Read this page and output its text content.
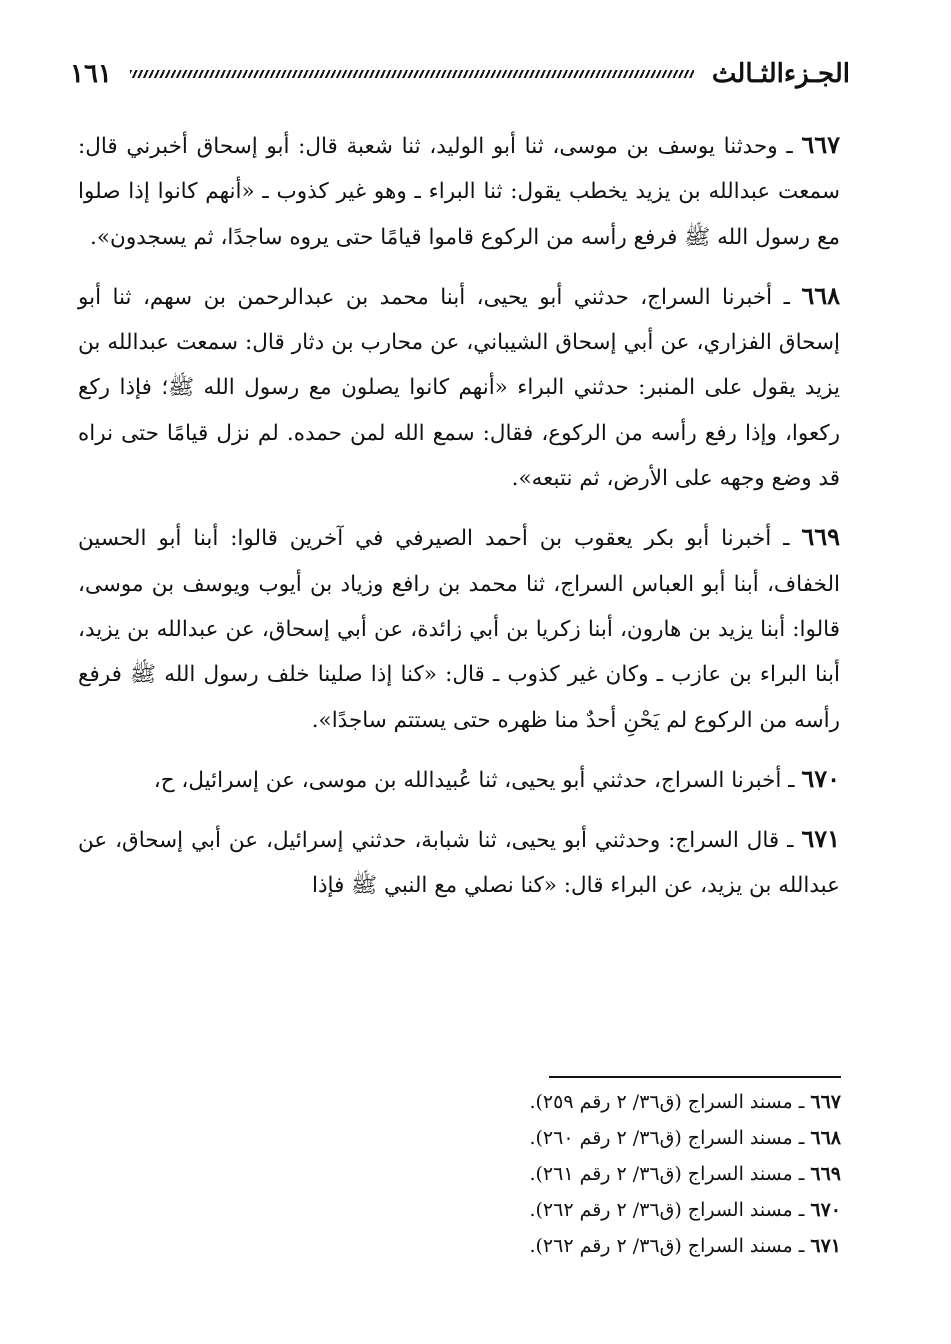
الجـزءالثـالث
١٦١

٦٦٧ ـ وحدثنا يوسف بن موسى، ثنا أبو الوليد، ثنا شعبة قال: أبو إسحاق أخبرني قال: سمعت عبدالله بن يزيد يخطب يقول: ثنا البراء ـ وهو غير كذوب ـ «أنهم كانوا إذا صلوا مع رسول الله ﷺ فرفع رأسه من الركوع قاموا قيامًا حتى يروه ساجدًا، ثم يسجدون».

٦٦٨ ـ أخبرنا السراج، حدثني أبو يحيى، أبنا محمد بن عبدالرحمن بن سهم، ثنا أبو إسحاق الفزاري، عن أبي إسحاق الشيباني، عن محارب بن دثار قال: سمعت عبدالله بن يزيد يقول على المنبر: حدثني البراء «أنهم كانوا يصلون مع رسول الله ﷺ؛ فإذا ركع ركعوا، وإذا رفع رأسه من الركوع، فقال: سمع الله لمن حمده. لم نزل قيامًا حتى نراه قد وضع وجهه على الأرض، ثم نتبعه».

٦٦٩ ـ أخبرنا أبو بكر يعقوب بن أحمد الصيرفي في آخرين قالوا: أبنا أبو الحسين الخفاف، أبنا أبو العباس السراج، ثنا محمد بن رافع وزياد بن أيوب ويوسف بن موسى، قالوا: أبنا يزيد بن هارون، أبنا زكريا بن أبي زائدة، عن أبي إسحاق، عن عبدالله بن يزيد، أبنا البراء بن عازب ـ وكان غير كذوب ـ قال: «كنا إذا صلينا خلف رسول الله ﷺ فرفع رأسه من الركوع لم يَحْنِ أحدٌ منا ظهره حتى يستتم ساجدًا».

٦٧٠ ـ أخبرنا السراج، حدثني أبو يحيى، ثنا عُبيدالله بن موسى، عن إسرائيل، ح،

٦٧١ ـ قال السراج: وحدثني أبو يحيى، ثنا شبابة، حدثني إسرائيل، عن أبي إسحاق، عن عبدالله بن يزيد، عن البراء قال: «كنا نصلي مع النبي ﷺ فإذا

٦٦٧ ـ مسند السراج (ق٣٦/ ٢ رقم ٢٥٩).
٦٦٨ ـ مسند السراج (ق٣٦/ ٢ رقم ٢٦٠).
٦٦٩ ـ مسند السراج (ق٣٦/ ٢ رقم ٢٦١).
٦٧٠ ـ مسند السراج (ق٣٦/ ٢ رقم ٢٦٢).
٦٧١ ـ مسند السراج (ق٣٦/ ٢ رقم ٢٦٢).
